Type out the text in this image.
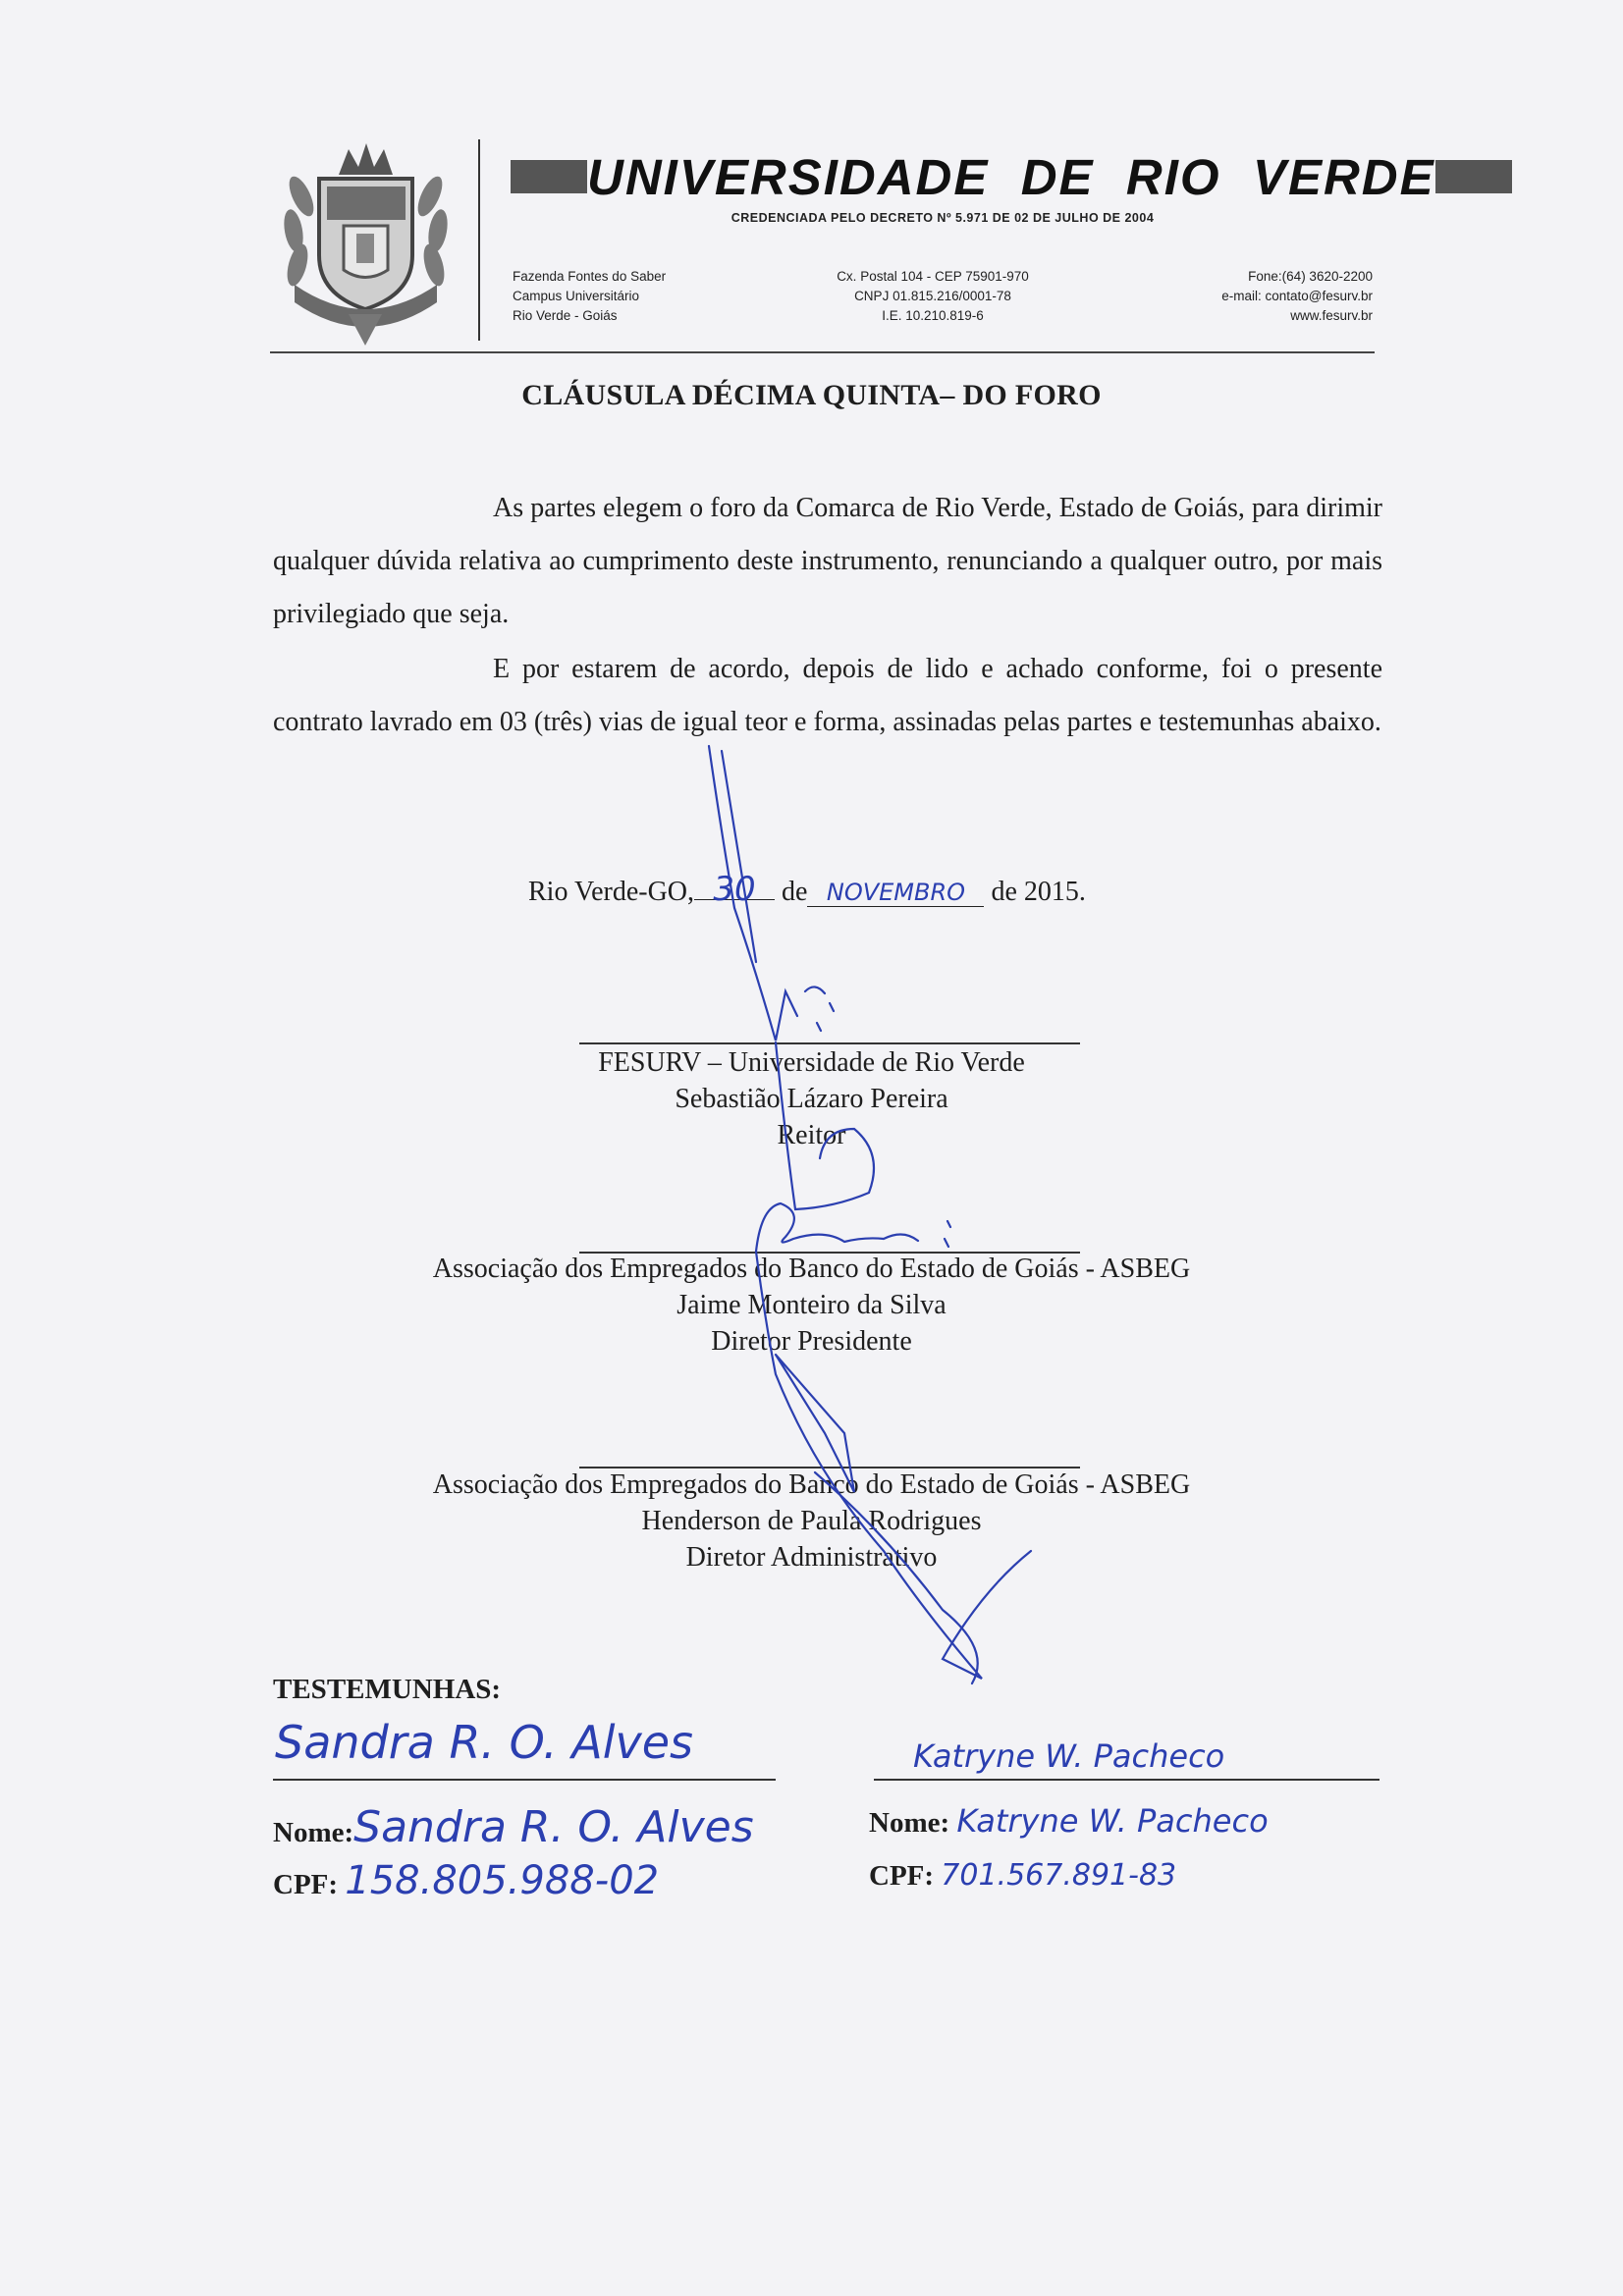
UNIVERSIDADE  DE  RIO  VERDE
CREDENCIADA PELO DECRETO Nº 5.971 DE 02 DE JULHO DE 2004
Fazenda Fontes do Saber
Campus Universitário
Rio Verde - Goiás
Cx. Postal 104 - CEP 75901-970
CNPJ 01.815.216/0001-78
I.E. 10.210.819-6
Fone:(64) 3620-2200
e-mail: contato@fesurv.br
www.fesurv.br
CLÁUSULA DÉCIMA QUINTA– DO FORO
As partes elegem o foro da Comarca de Rio Verde, Estado de Goiás, para dirimir qualquer dúvida relativa ao cumprimento deste instrumento, renunciando a qualquer outro, por mais privilegiado que seja.
E por estarem de acordo, depois de lido e achado conforme, foi o presente contrato lavrado em 03 (três) vias de igual teor e forma, assinadas pelas partes e testemunhas abaixo.
Rio Verde-GO, 30 de NOVEMBRO de 2015.
FESURV – Universidade de Rio Verde
Sebastião Lázaro Pereira
Reitor
Associação dos Empregados do Banco do Estado de Goiás - ASBEG
Jaime Monteiro da Silva
Diretor Presidente
Associação dos Empregados do Banco do Estado de Goiás - ASBEG
Henderson de Paula Rodrigues
Diretor Administrativo
TESTEMUNHAS:
Sandra R. O. Alves
Nome:Sandra R. O. Alves
CPF: 158.805.988-02
Katryne W. Pacheco
Nome: Katryne W. Pacheco
CPF: 701.567.891-83
